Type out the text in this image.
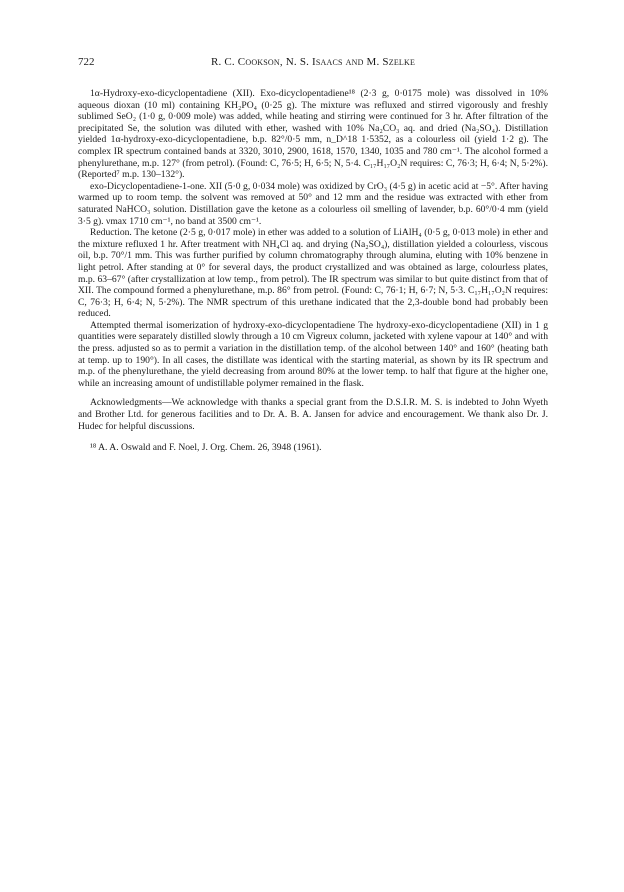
722	R. C. Cookson, N. S. Isaacs and M. Szelke

1α-Hydroxy-exo-dicyclopentadiene (XII). Exo-dicyclopentadiene¹⁸ (2·3 g, 0·0175 mole) was dissolved in 10% aqueous dioxan (10 ml) containing KH₂PO₄ (0·25 g). The mixture was refluxed and stirred vigorously and freshly sublimed SeO₂ (1·0 g, 0·009 mole) was added, while heating and stirring were continued for 3 hr. After filtration of the precipitated Se, the solution was diluted with ether, washed with 10% Na₂CO₃ aq. and dried (Na₂SO₄). Distillation yielded 1α-hydroxy-exo-dicyclopentadiene, b.p. 82°/0·5 mm, n_D^18 1·5352, as a colourless oil (yield 1·2 g). The complex IR spectrum contained bands at 3320, 3010, 2900, 1618, 1570, 1340, 1035 and 780 cm⁻¹. The alcohol formed a phenylurethane, m.p. 127° (from petrol). (Found: C, 76·5; H, 6·5; N, 5·4. C₁₇H₁₇O₂N requires: C, 76·3; H, 6·4; N, 5·2%). (Reported⁷ m.p. 130–132°).

exo-Dicyclopentadiene-1-one. XII (5·0 g, 0·034 mole) was oxidized by CrO₃ (4·5 g) in acetic acid at −5°. After having warmed up to room temp. the solvent was removed at 50° and 12 mm and the residue was extracted with ether from saturated NaHCO₃ solution. Distillation gave the ketone as a colourless oil smelling of lavender, b.p. 60°/0·4 mm (yield 3·5 g). νmax 1710 cm⁻¹, no band at 3500 cm⁻¹.

Reduction. The ketone (2·5 g, 0·017 mole) in ether was added to a solution of LiAlH₄ (0·5 g, 0·013 mole) in ether and the mixture refluxed 1 hr. After treatment with NH₄Cl aq. and drying (Na₂SO₄), distillation yielded a colourless, viscous oil, b.p. 70°/1 mm. This was further purified by column chromatography through alumina, eluting with 10% benzene in light petrol. After standing at 0° for several days, the product crystallized and was obtained as large, colourless plates, m.p. 63–67° (after crystallization at low temp., from petrol). The IR spectrum was similar to but quite distinct from that of XII. The compound formed a phenylurethane, m.p. 86° from petrol. (Found: C, 76·1; H, 6·7; N, 5·3. C₁₇H₁₇O₂N requires: C, 76·3; H, 6·4; N, 5·2%). The NMR spectrum of this urethane indicated that the 2,3-double bond had probably been reduced.

Attempted thermal isomerization of hydroxy-exo-dicyclopentadiene The hydroxy-exo-dicyclopentadiene (XII) in 1 g quantities were separately distilled slowly through a 10 cm Vigreux column, jacketed with xylene vapour at 140° and with the press. adjusted so as to permit a variation in the distillation temp. of the alcohol between 140° and 160° (heating bath at temp. up to 190°). In all cases, the distillate was identical with the starting material, as shown by its IR spectrum and m.p. of the phenylurethane, the yield decreasing from around 80% at the lower temp. to half that figure at the higher one, while an increasing amount of undistillable polymer remained in the flask.

Acknowledgments—We acknowledge with thanks a special grant from the D.S.I.R. M. S. is indebted to John Wyeth and Brother Ltd. for generous facilities and to Dr. A. B. A. Jansen for advice and encouragement. We thank also Dr. J. Hudec for helpful discussions.

¹⁸ A. A. Oswald and F. Noel, J. Org. Chem. 26, 3948 (1961).
